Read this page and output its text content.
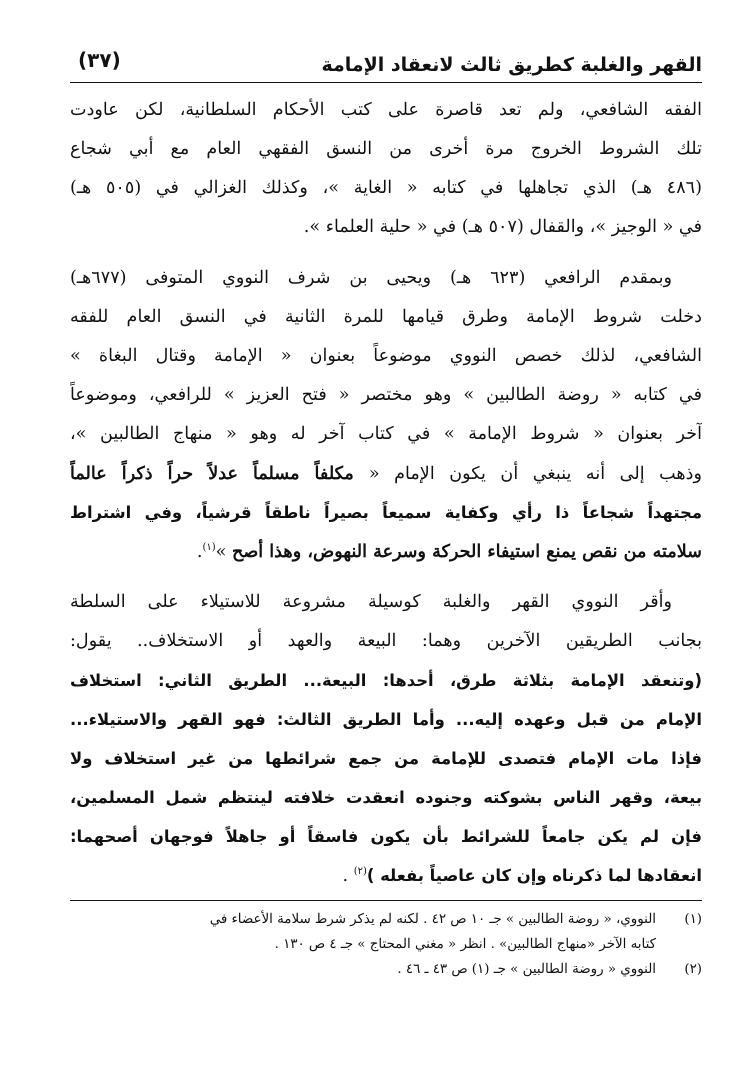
القهر والغلبة كطريق ثالث لانعقاد الإمامة
(٣٧)
الفقه الشافعي، ولم تعد قاصرة على كتب الأحكام السلطانية، لكن عاودت
تلك الشروط الخروج مرة أخرى من النسق الفقهي العام مع أبي شجاع
(٤٨٦ هـ) الذي تجاهلها في كتابه « الغاية »، وكذلك الغزالي في (٥٠٥ هـ)
في « الوجيز »، والقفال (٥٠٧ هـ) في « حلية العلماء ».
وبمقدم الرافعي (٦٢٣ هـ) ويحيى بن شرف النووي المتوفى (٦٧٧هـ)
دخلت شروط الإمامة وطرق قيامها للمرة الثانية في النسق العام للفقه
الشافعي، لذلك خصص النووي موضوعاً بعنوان « الإمامة وقتال البغاة »
في كتابه « روضة الطالبين » وهو مختصر « فتح العزيز » للرافعي، وموضوعاً
آخر بعنوان « شروط الإمامة » في كتاب آخر له وهو « منهاج الطالبين »،
وذهب إلى أنه ينبغي أن يكون الإمام « مكلفاً مسلماً عدلاً حراً ذكراً عالماً
مجتهداً شجاعاً ذا رأي وكفاية سميعاً بصيراً ناطقاً قرشياً، وفي اشتراط
سلامته من نقص يمنع استيفاء الحركة وسرعة النهوض، وهذا أصح »$^{(١)}$.
وأقر النووي القهر والغلبة كوسيلة مشروعة للاستيلاء على السلطة
بجانب الطريقين الآخرين وهما: البيعة والعهد أو الاستخلاف.. يقول:
(وتنعقد الإمامة بثلاثة طرق، أحدها: البيعة... الطريق الثاني: استخلاف
الإمام من قبل وعهده إليه... وأما الطريق الثالث: فهو القهر والاستيلاء...
فإذا مات الإمام فتصدى للإمامة من جمع شرائطها من غير استخلاف ولا
بيعة، وقهر الناس بشوكته وجنوده انعقدت خلافته لينتظم شمل المسلمين،
فإن لم يكن جامعاً للشرائط بأن يكون فاسقاً أو جاهلاً فوجهان أصحهما:
انعقادها لما ذكرناه وإن كان عاصياً بفعله )$^{(٢)}$ .
(١)النووي، « روضة الطالبين » جـ ١٠ ص ٤٢ . لكنه لم يذكر شرط سلامة الأعضاء في
كتابه الآخر «منهاج الطالبين» . انظر « مغني المحتاج » جـ ٤ ص ١٣٠ .
(٢)النووي « روضة الطالبين » جـ (١) ص ٤٣ ـ ٤٦ .
